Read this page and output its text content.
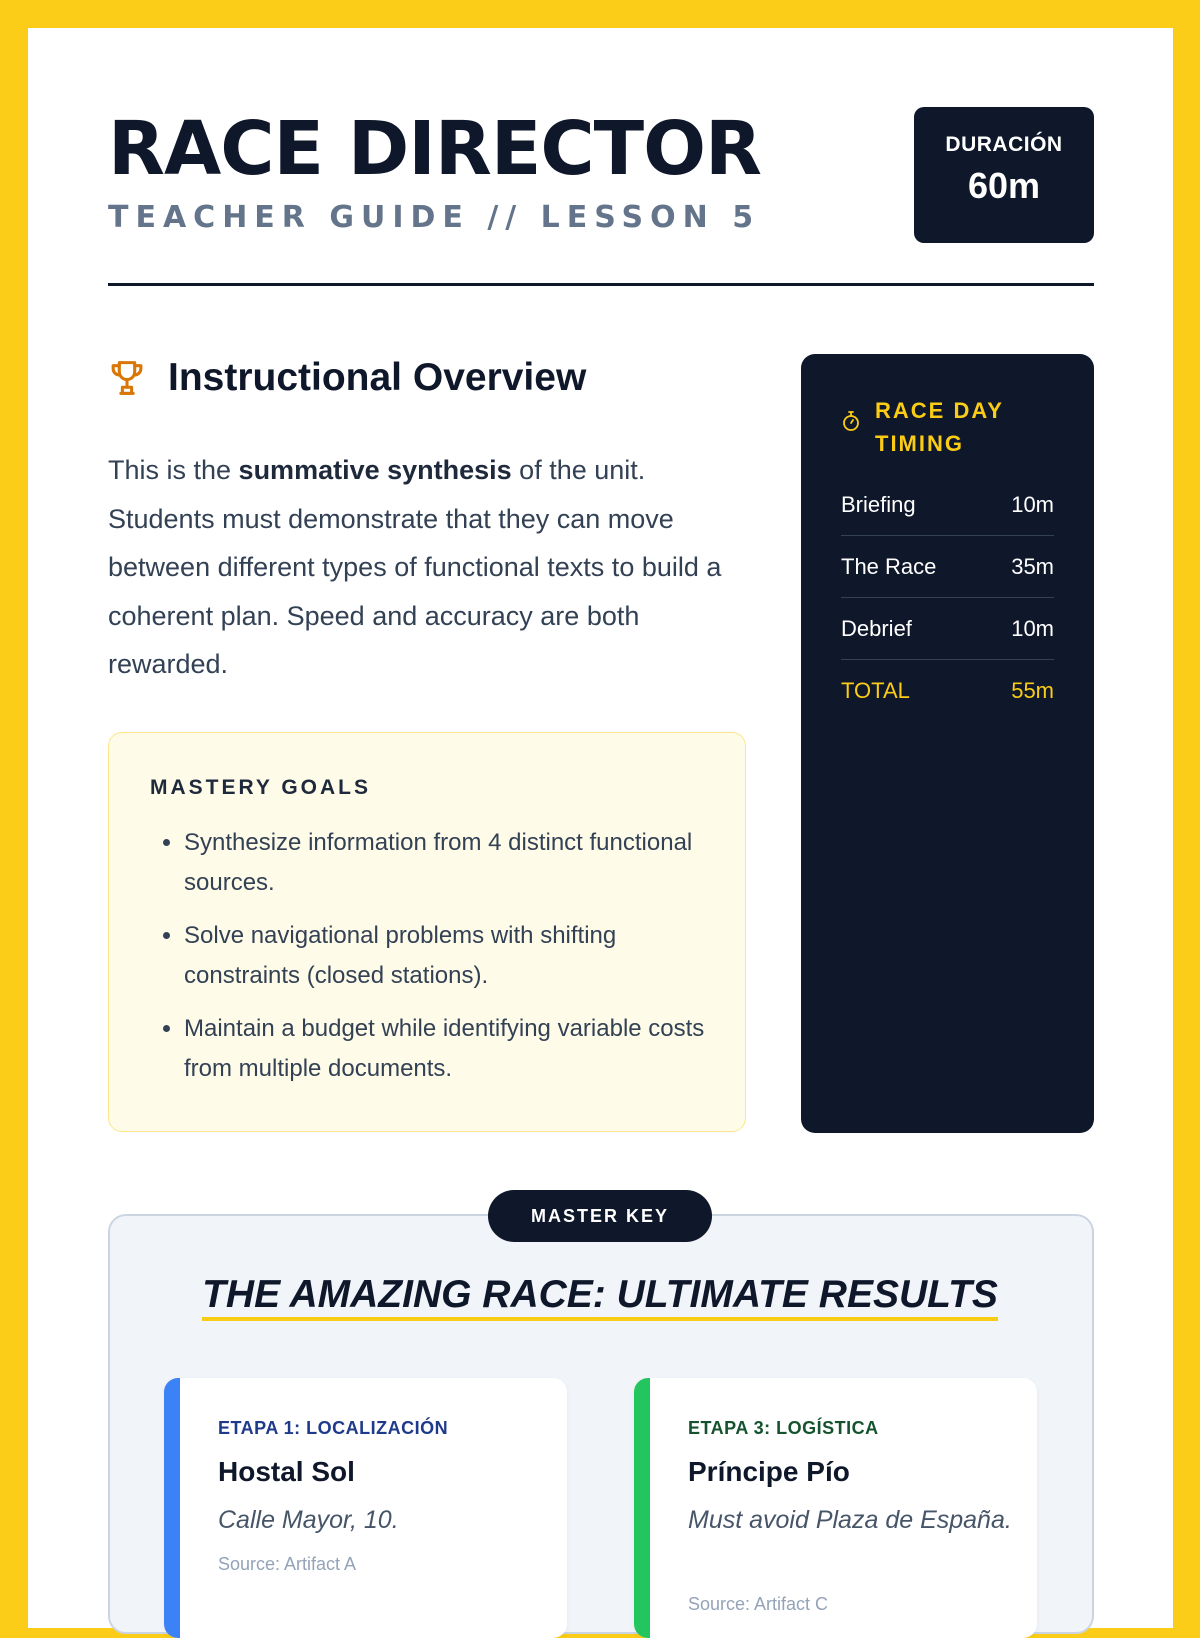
RACE DIRECTOR
TEACHER GUIDE // LESSON 5
DURACIÓN
60m
Instructional Overview
This is the summative synthesis of the unit. Students must demonstrate that they can move between different types of functional texts to build a coherent plan. Speed and accuracy are both rewarded.
MASTERY GOALS
• Synthesize information from 4 distinct functional sources.
• Solve navigational problems with shifting constraints (closed stations).
• Maintain a budget while identifying variable costs from multiple documents.
RACE DAY TIMING
Briefing	10m
The Race	35m
Debrief	10m
TOTAL	55m
MASTER KEY
THE AMAZING RACE: ULTIMATE RESULTS
ETAPA 1: LOCALIZACIÓN
Hostal Sol
Calle Mayor, 10.
Source: Artifact A
ETAPA 3: LOGÍSTICA
Príncipe Pío
Must avoid Plaza de España.
Source: Artifact C
